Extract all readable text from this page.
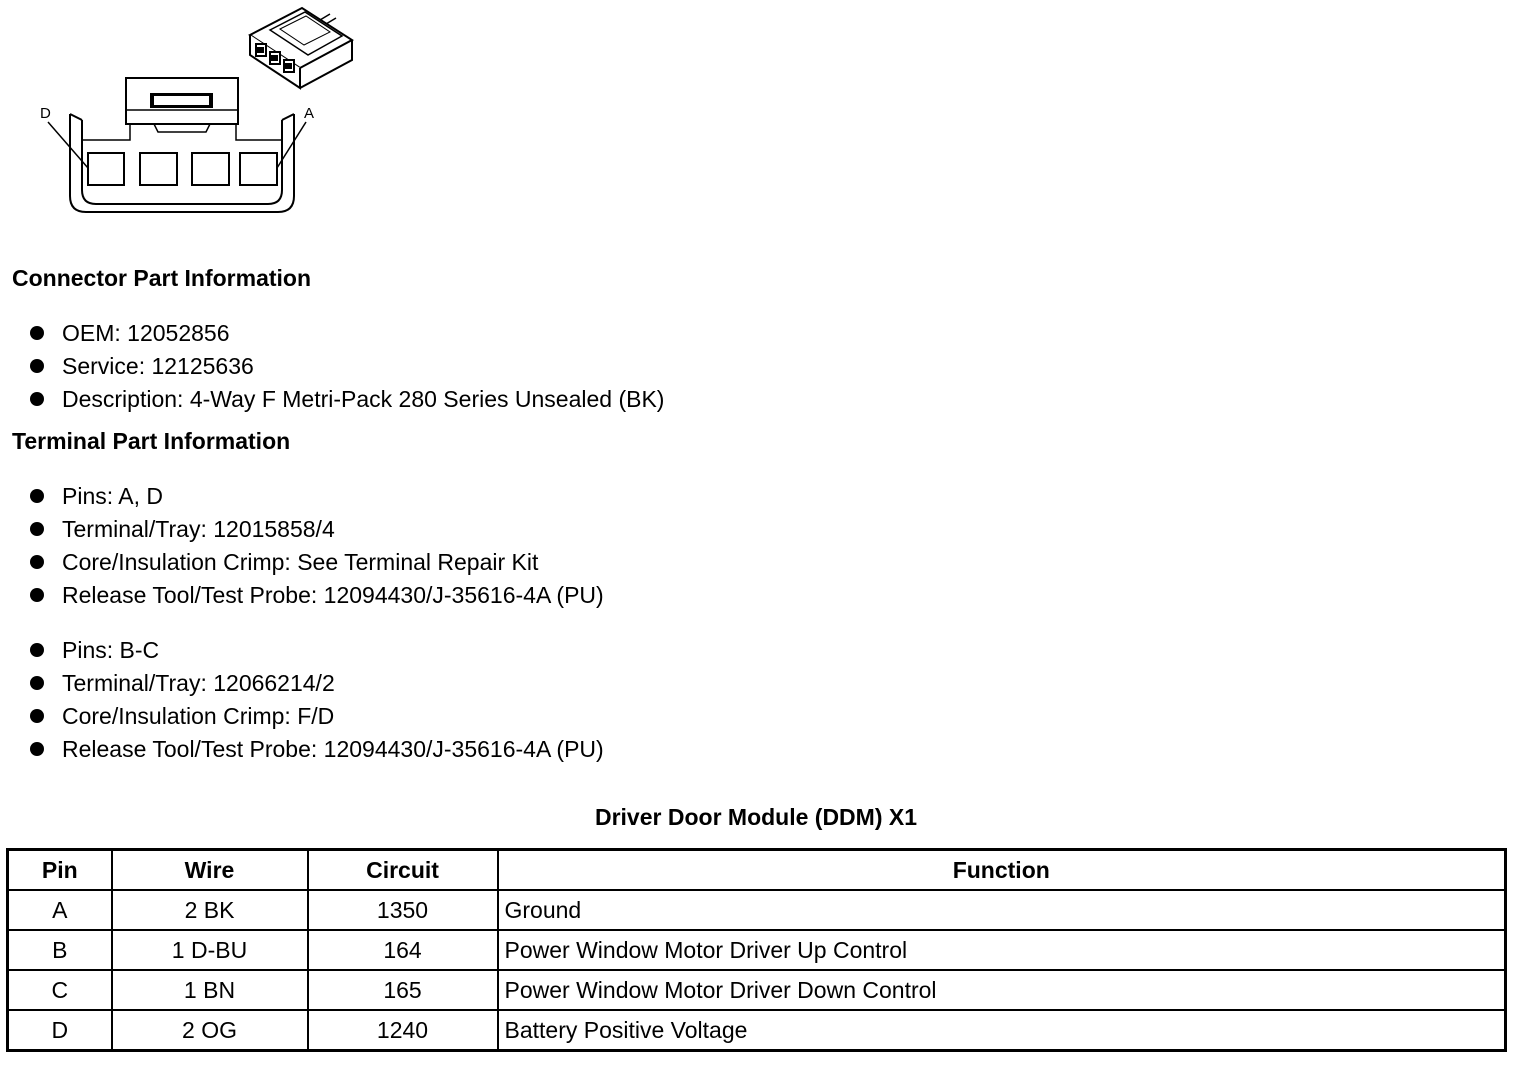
D	A
Connector Part Information
OEM: 12052856
Service: 12125636
Description: 4-Way F Metri-Pack 280 Series Unsealed (BK)
Terminal Part Information
Pins: A, D
Terminal/Tray: 12015858/4
Core/Insulation Crimp: See Terminal Repair Kit
Release Tool/Test Probe: 12094430/J-35616-4A (PU)
Pins: B-C
Terminal/Tray: 12066214/2
Core/Insulation Crimp: F/D
Release Tool/Test Probe: 12094430/J-35616-4A (PU)
Driver Door Module (DDM) X1
Pin	Wire	Circuit	Function
A	2 BK	1350	Ground
B	1 D-BU	164	Power Window Motor Driver Up Control
C	1 BN	165	Power Window Motor Driver Down Control
D	2 OG	1240	Battery Positive Voltage
